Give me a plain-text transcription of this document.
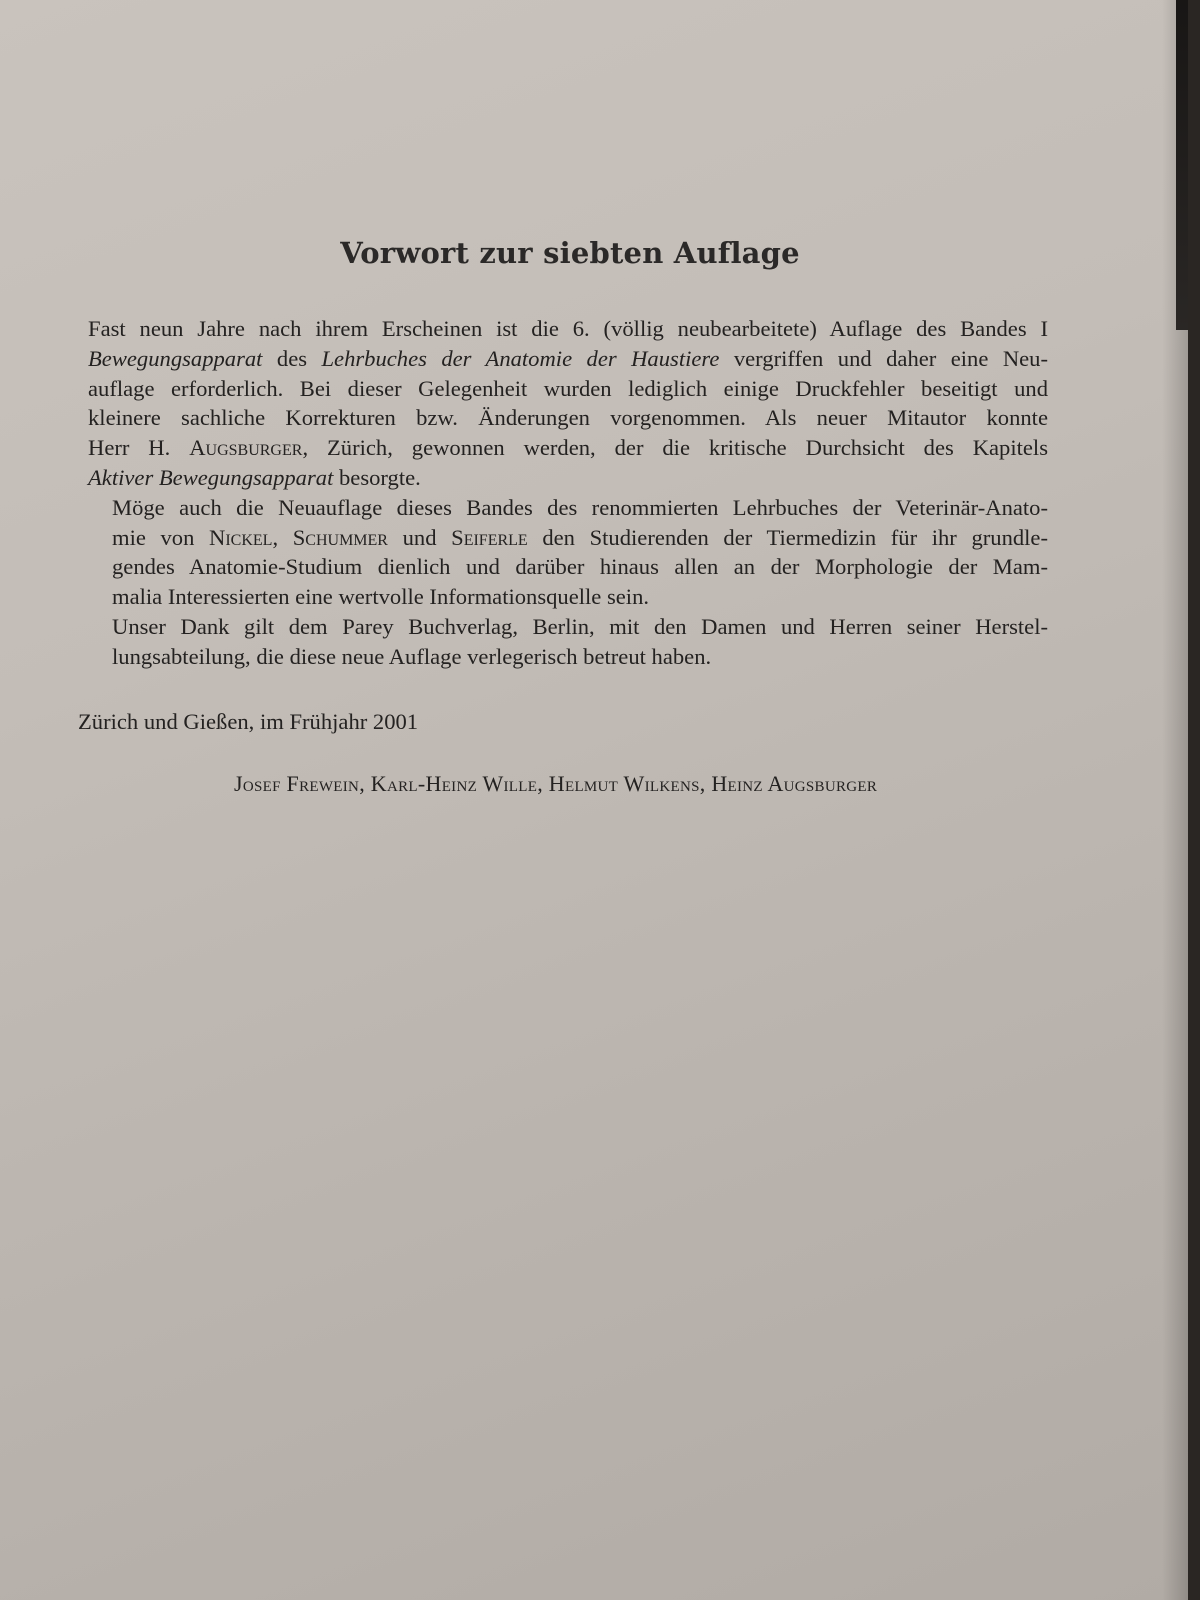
Vorwort zur siebten Auflage

Fast neun Jahre nach ihrem Erscheinen ist die 6. (völlig neubearbeitete) Auflage des Bandes I
Bewegungsapparat des Lehrbuches der Anatomie der Haustiere vergriffen und daher eine Neu-
auflage erforderlich. Bei dieser Gelegenheit wurden lediglich einige Druckfehler beseitigt und
kleinere sachliche Korrekturen bzw. Änderungen vorgenommen. Als neuer Mitautor konnte
Herr H. Augsburger, Zürich, gewonnen werden, der die kritische Durchsicht des Kapitels
Aktiver Bewegungsapparat besorgte.

Möge auch die Neuauflage dieses Bandes des renommierten Lehrbuches der Veterinär-Anato-
mie von Nickel, Schummer und Seiferle den Studierenden der Tiermedizin für ihr grundle-
gendes Anatomie-Studium dienlich und darüber hinaus allen an der Morphologie der Mam-
malia Interessierten eine wertvolle Informationsquelle sein.

Unser Dank gilt dem Parey Buchverlag, Berlin, mit den Damen und Herren seiner Herstel-
lungsabteilung, die diese neue Auflage verlegerisch betreut haben.

Zürich und Gießen, im Frühjahr 2001
Josef Frewein, Karl-Heinz Wille, Helmut Wilkens, Heinz Augsburger
